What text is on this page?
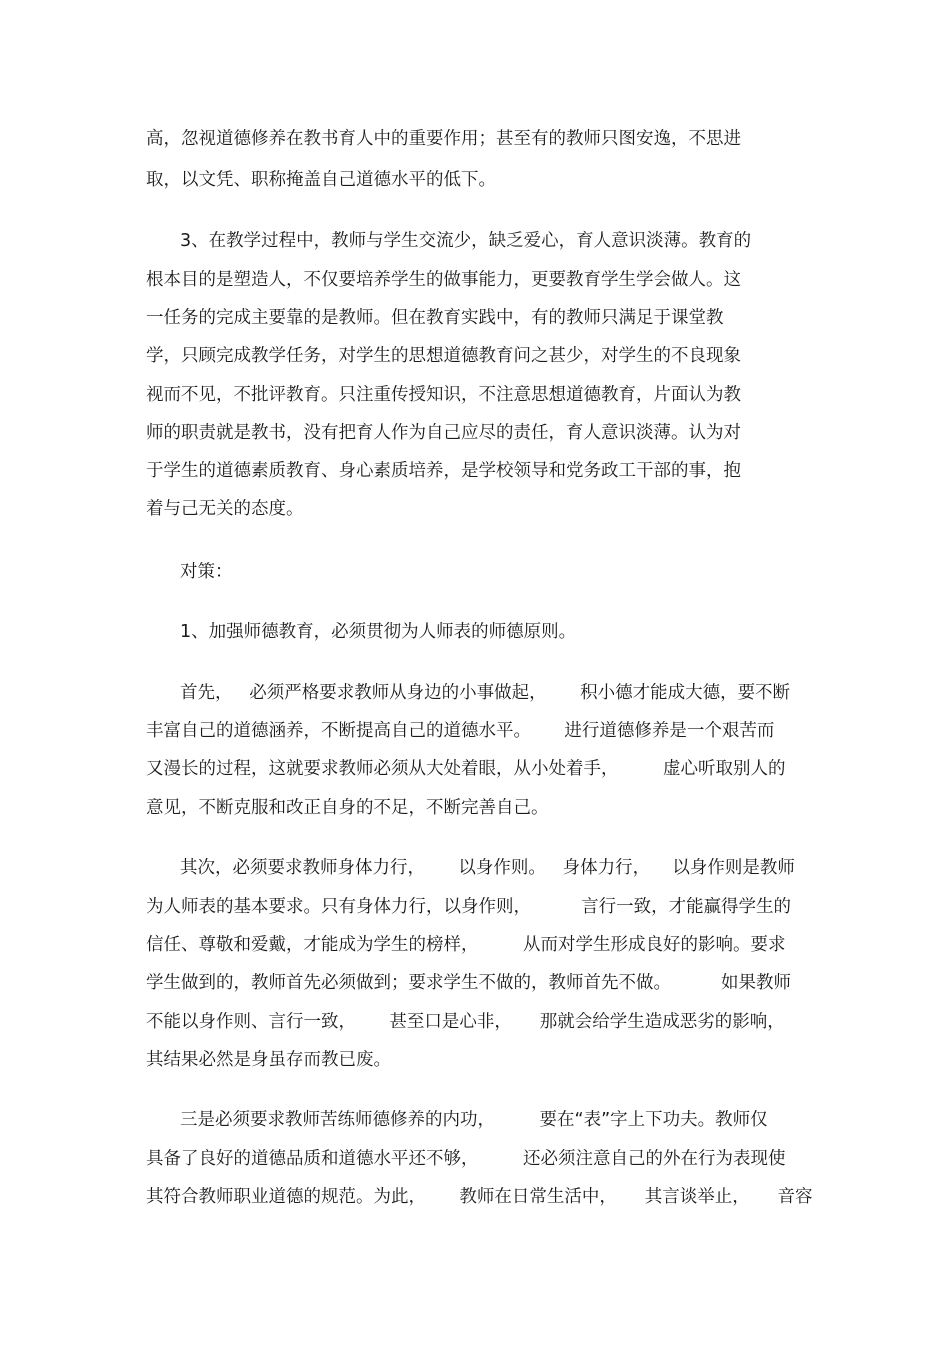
高，忽视道德修养在教书育人中的重要作用；甚至有的教师只图安逸，不思进
取，以文凭、职称掩盖自己道德水平的低下。
3、在教学过程中，教师与学生交流少，缺乏爱心，育人意识淡薄。教育的
根本目的是塑造人，不仅要培养学生的做事能力，更要教育学生学会做人。这
一任务的完成主要靠的是教师。但在教育实践中，有的教师只满足于课堂教
学，只顾完成教学任务，对学生的思想道德教育问之甚少，对学生的不良现象
视而不见，不批评教育。只注重传授知识，不注意思想道德教育，片面认为教
师的职责就是教书，没有把育人作为自己应尽的责任，育人意识淡薄。认为对
于学生的道德素质教育、身心素质培养，是学校领导和党务政工干部的事，抱
着与己无关的态度。
对策：
1、加强师德教育，必须贯彻为人师表的师德原则。
首先，   必须严格要求教师从身边的小事做起，      积小德才能成大德，要不断
丰富自己的道德涵养，不断提高自己的道德水平。      进行道德修养是一个艰苦而
又漫长的过程，这就要求教师必须从大处着眼，从小处着手，        虚心听取别人的
意见，不断克服和改正自身的不足，不断完善自己。
其次，必须要求教师身体力行，      以身作则。   身体力行，    以身作则是教师
为人师表的基本要求。只有身体力行，以身作则，         言行一致，才能赢得学生的
信任、尊敬和爱戴，才能成为学生的榜样，        从而对学生形成良好的影响。要求
学生做到的，教师首先必须做到；要求学生不做的，教师首先不做。         如果教师
不能以身作则、言行一致，      甚至口是心非，     那就会给学生造成恶劣的影响，
其结果必然是身虽存而教已废。
三是必须要求教师苦练师德修养的内功，        要在“表”字上下功夫。教师仅
具备了良好的道德品质和道德水平还不够，        还必须注意自己的外在行为表现使
其符合教师职业道德的规范。为此，      教师在日常生活中，     其言谈举止，     音容
